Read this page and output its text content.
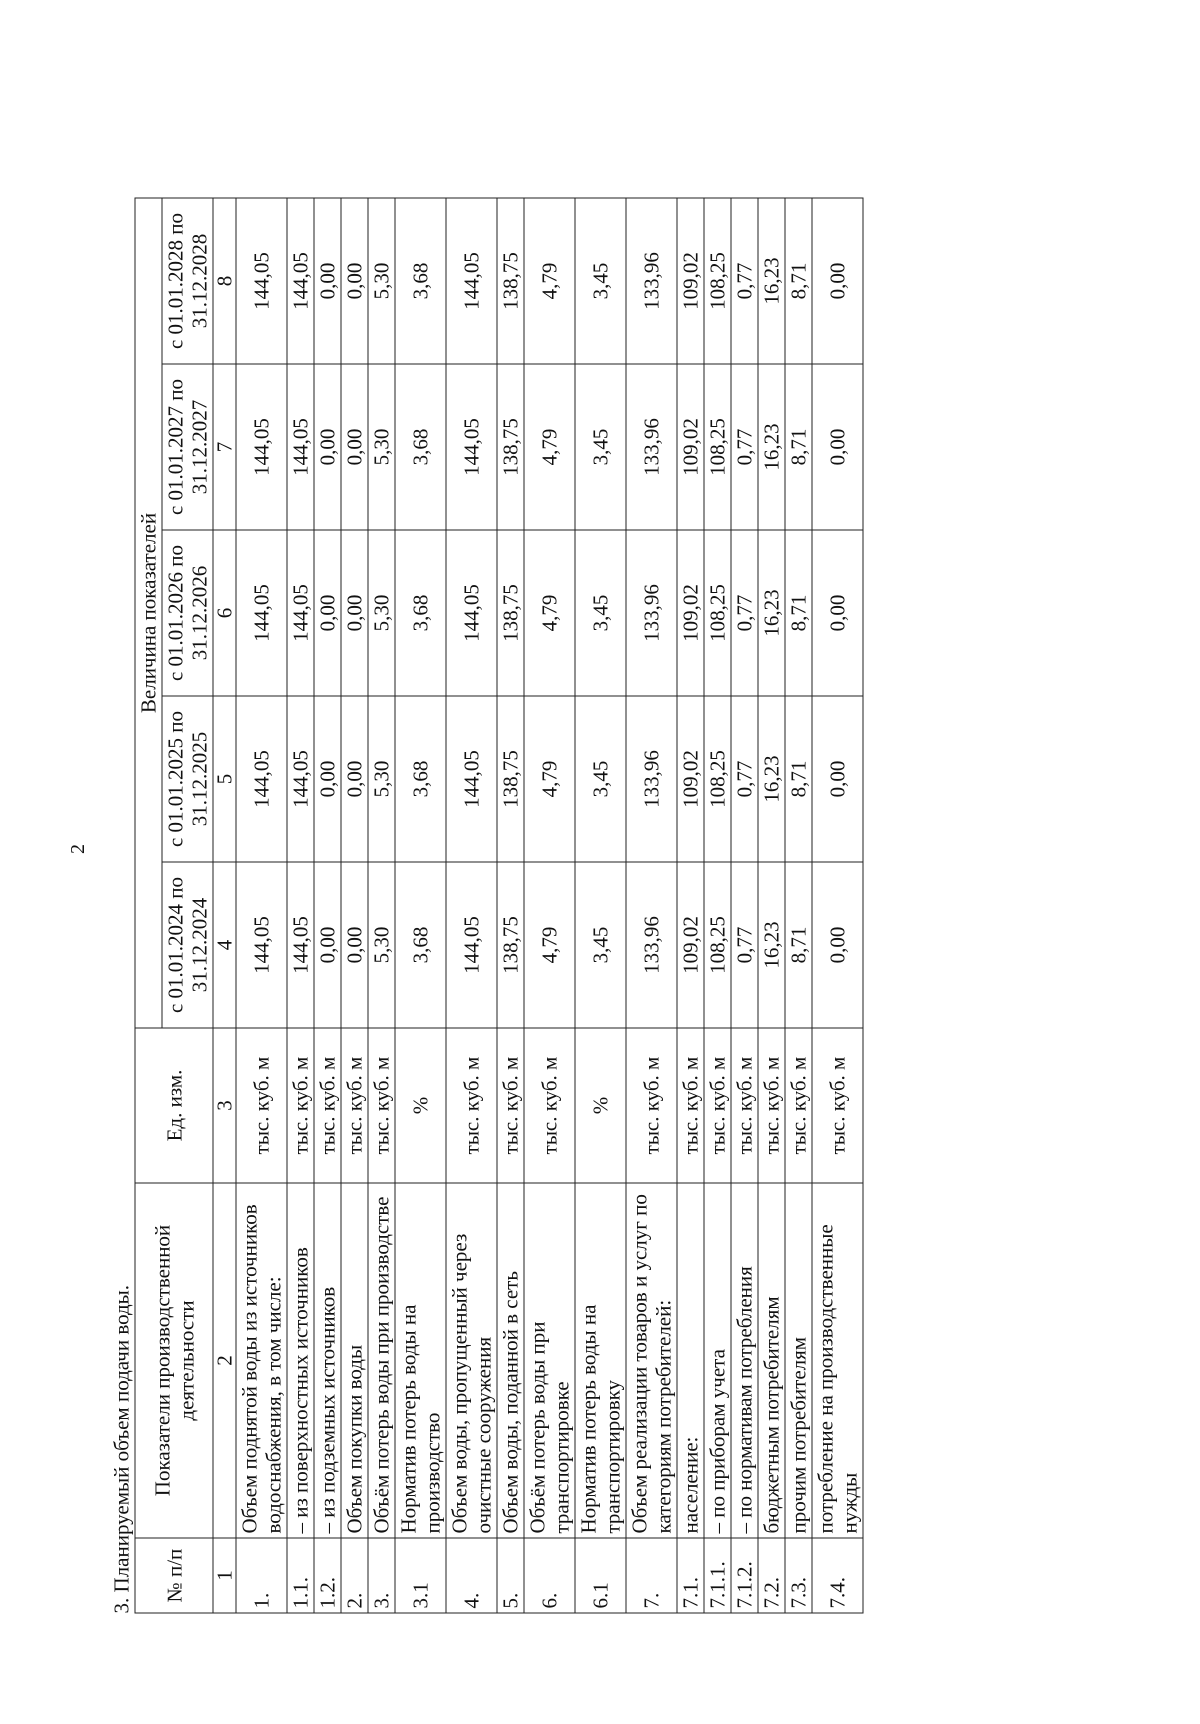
2
3. Планируемый объем подачи воды. № п/п	Показатели производственной деятельности	Ед. изм.	Величина показателей				
			с 01.01.2024 по 31.12.2024	с 01.01.2025 по 31.12.2025	с 01.01.2026 по 31.12.2026	с 01.01.2027 по 31.12.2027	с 01.01.2028 по 31.12.2028
1	2	3	4	5	6	7	8
1.	Объем поднятой воды из источников водоснабжения, в том числе:	тыс. куб. м	144,05	144,05	144,05	144,05	144,05
1.1.	– из поверхностных источников	тыс. куб. м	144,05	144,05	144,05	144,05	144,05
1.2.	– из подземных источников	тыс. куб. м	0,00	0,00	0,00	0,00	0,00
2.	Объем покупки воды	тыс. куб. м	0,00	0,00	0,00	0,00	0,00
3.	Объём потерь воды при производстве	тыс. куб. м	5,30	5,30	5,30	5,30	5,30
3.1	Норматив потерь воды на производство	%	3,68	3,68	3,68	3,68	3,68
4.	Объем воды, пропущенный через очистные сооружения	тыс. куб. м	144,05	144,05	144,05	144,05	144,05
5.	Объем воды, поданной в сеть	тыс. куб. м	138,75	138,75	138,75	138,75	138,75
6.	Объём потерь воды при транспортировке	тыс. куб. м	4,79	4,79	4,79	4,79	4,79
6.1	Норматив потерь воды на транспортировку	%	3,45	3,45	3,45	3,45	3,45
7.	Объем реализации товаров и услуг по категориям потребителей:	тыс. куб. м	133,96	133,96	133,96	133,96	133,96
7.1.	население:	тыс. куб. м	109,02	109,02	109,02	109,02	109,02
7.1.1.	– по приборам учета	тыс. куб. м	108,25	108,25	108,25	108,25	108,25
7.1.2.	– по нормативам потребления	тыс. куб. м	0,77	0,77	0,77	0,77	0,77
7.2.	бюджетным потребителям	тыс. куб. м	16,23	16,23	16,23	16,23	16,23
7.3.	прочим потребителям	тыс. куб. м	8,71	8,71	8,71	8,71	8,71
7.4.	потребление на производственные нужды	тыс. куб. м	0,00	0,00	0,00	0,00	0,00
